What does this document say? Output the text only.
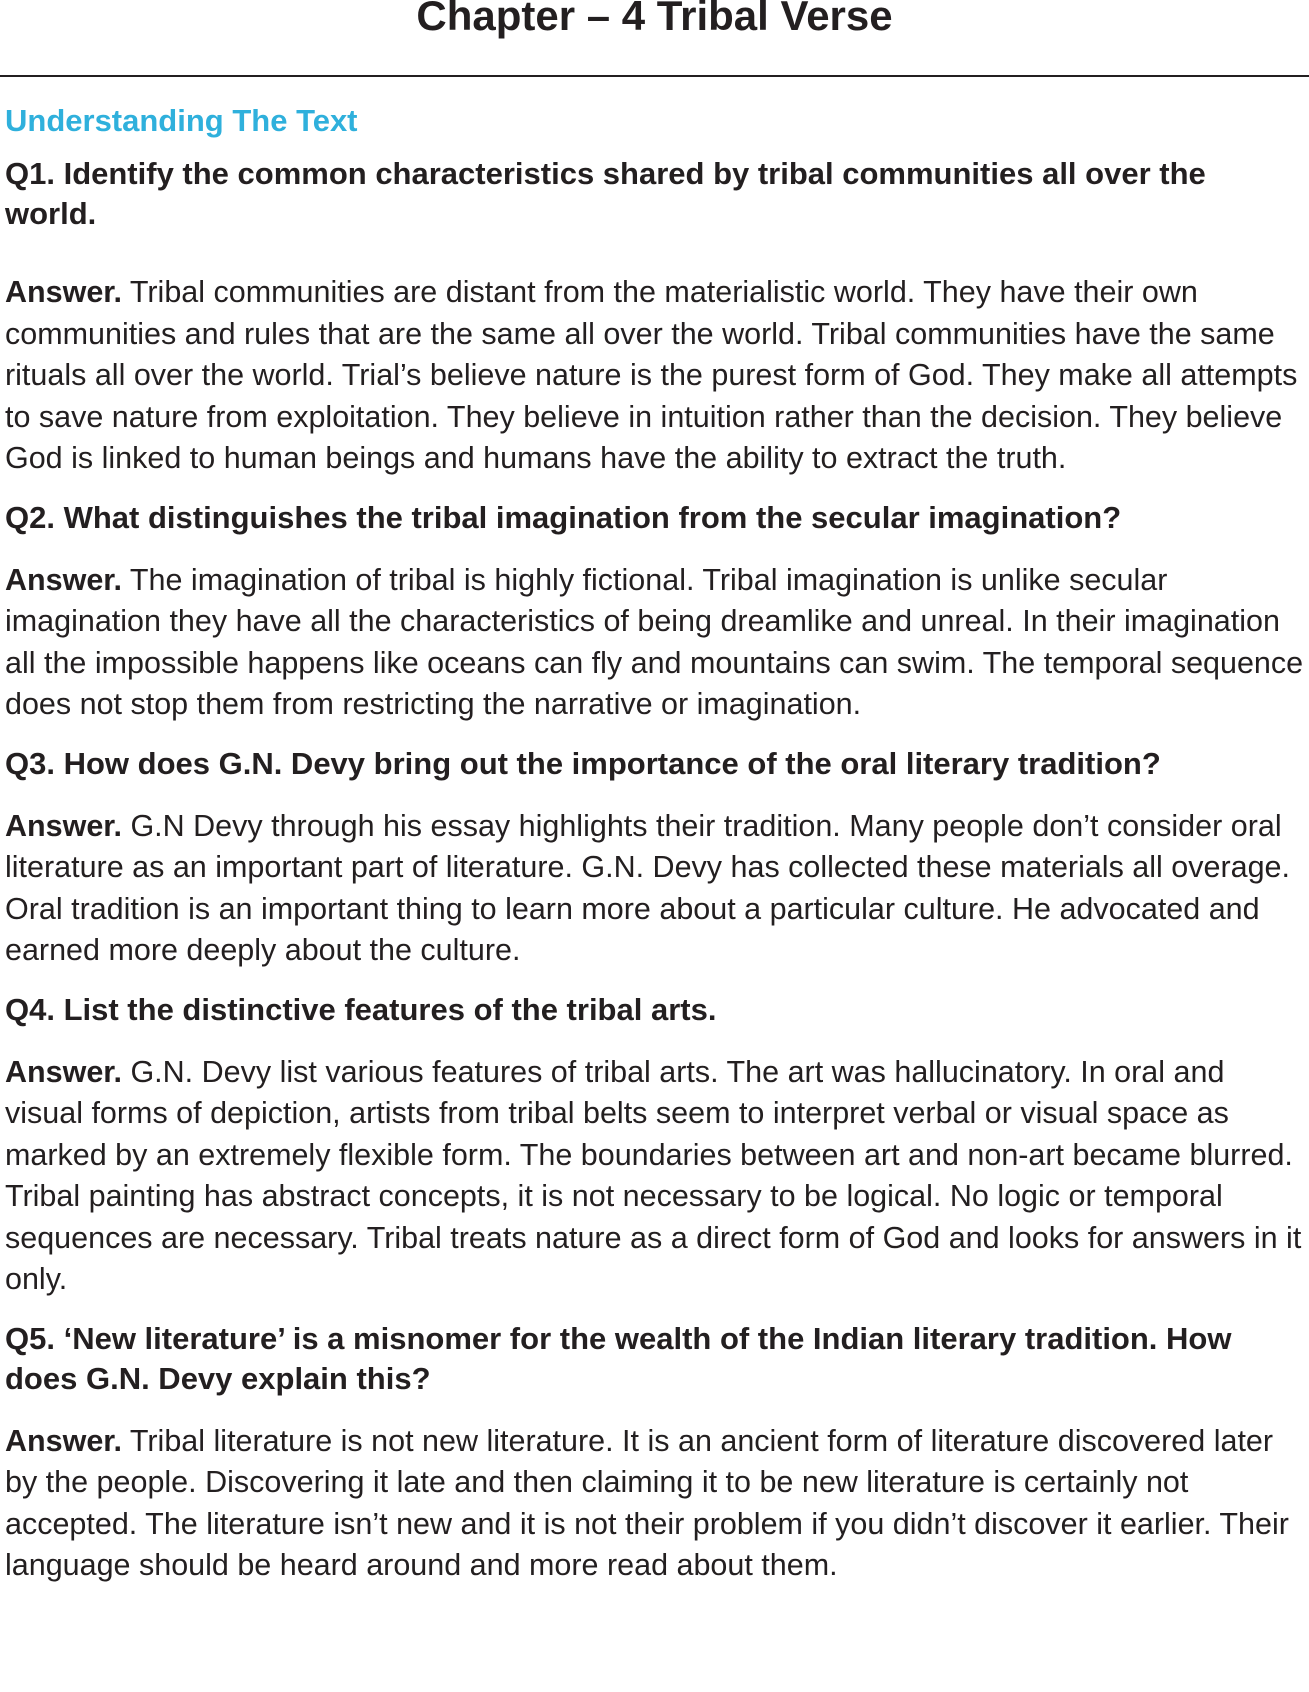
Chapter – 4 Tribal Verse
Understanding The Text

Q1. Identify the common characteristics shared by tribal communities all over the world.

Answer. Tribal communities are distant from the materialistic world. They have their own communities and rules that are the same all over the world. Tribal communities have the same rituals all over the world. Trial’s believe nature is the purest form of God. They make all attempts to save nature from exploitation. They believe in intuition rather than the decision. They believe God is linked to human beings and humans have the ability to extract the truth.

Q2. What distinguishes the tribal imagination from the secular imagination?

Answer. The imagination of tribal is highly fictional. Tribal imagination is unlike secular imagination they have all the characteristics of being dreamlike and unreal. In their imagination all the impossible happens like oceans can fly and mountains can swim. The temporal sequence does not stop them from restricting the narrative or imagination.

Q3. How does G.N. Devy bring out the importance of the oral literary tradition?

Answer. G.N Devy through his essay highlights their tradition. Many people don’t consider oral literature as an important part of literature. G.N. Devy has collected these materials all overage. Oral tradition is an important thing to learn more about a particular culture. He advocated and earned more deeply about the culture.

Q4. List the distinctive features of the tribal arts.

Answer. G.N. Devy list various features of tribal arts. The art was hallucinatory. In oral and visual forms of depiction, artists from tribal belts seem to interpret verbal or visual space as marked by an extremely flexible form. The boundaries between art and non-art became blurred. Tribal painting has abstract concepts, it is not necessary to be logical. No logic or temporal sequences are necessary. Tribal treats nature as a direct form of God and looks for answers in it only.

Q5. ‘New literature’ is a misnomer for the wealth of the Indian literary tradition. How does G.N. Devy explain this?

Answer. Tribal literature is not new literature. It is an ancient form of literature discovered later by the people. Discovering it late and then claiming it to be new literature is certainly not accepted. The literature isn’t new and it is not their problem if you didn’t discover it earlier. Their language should be heard around and more read about them.
